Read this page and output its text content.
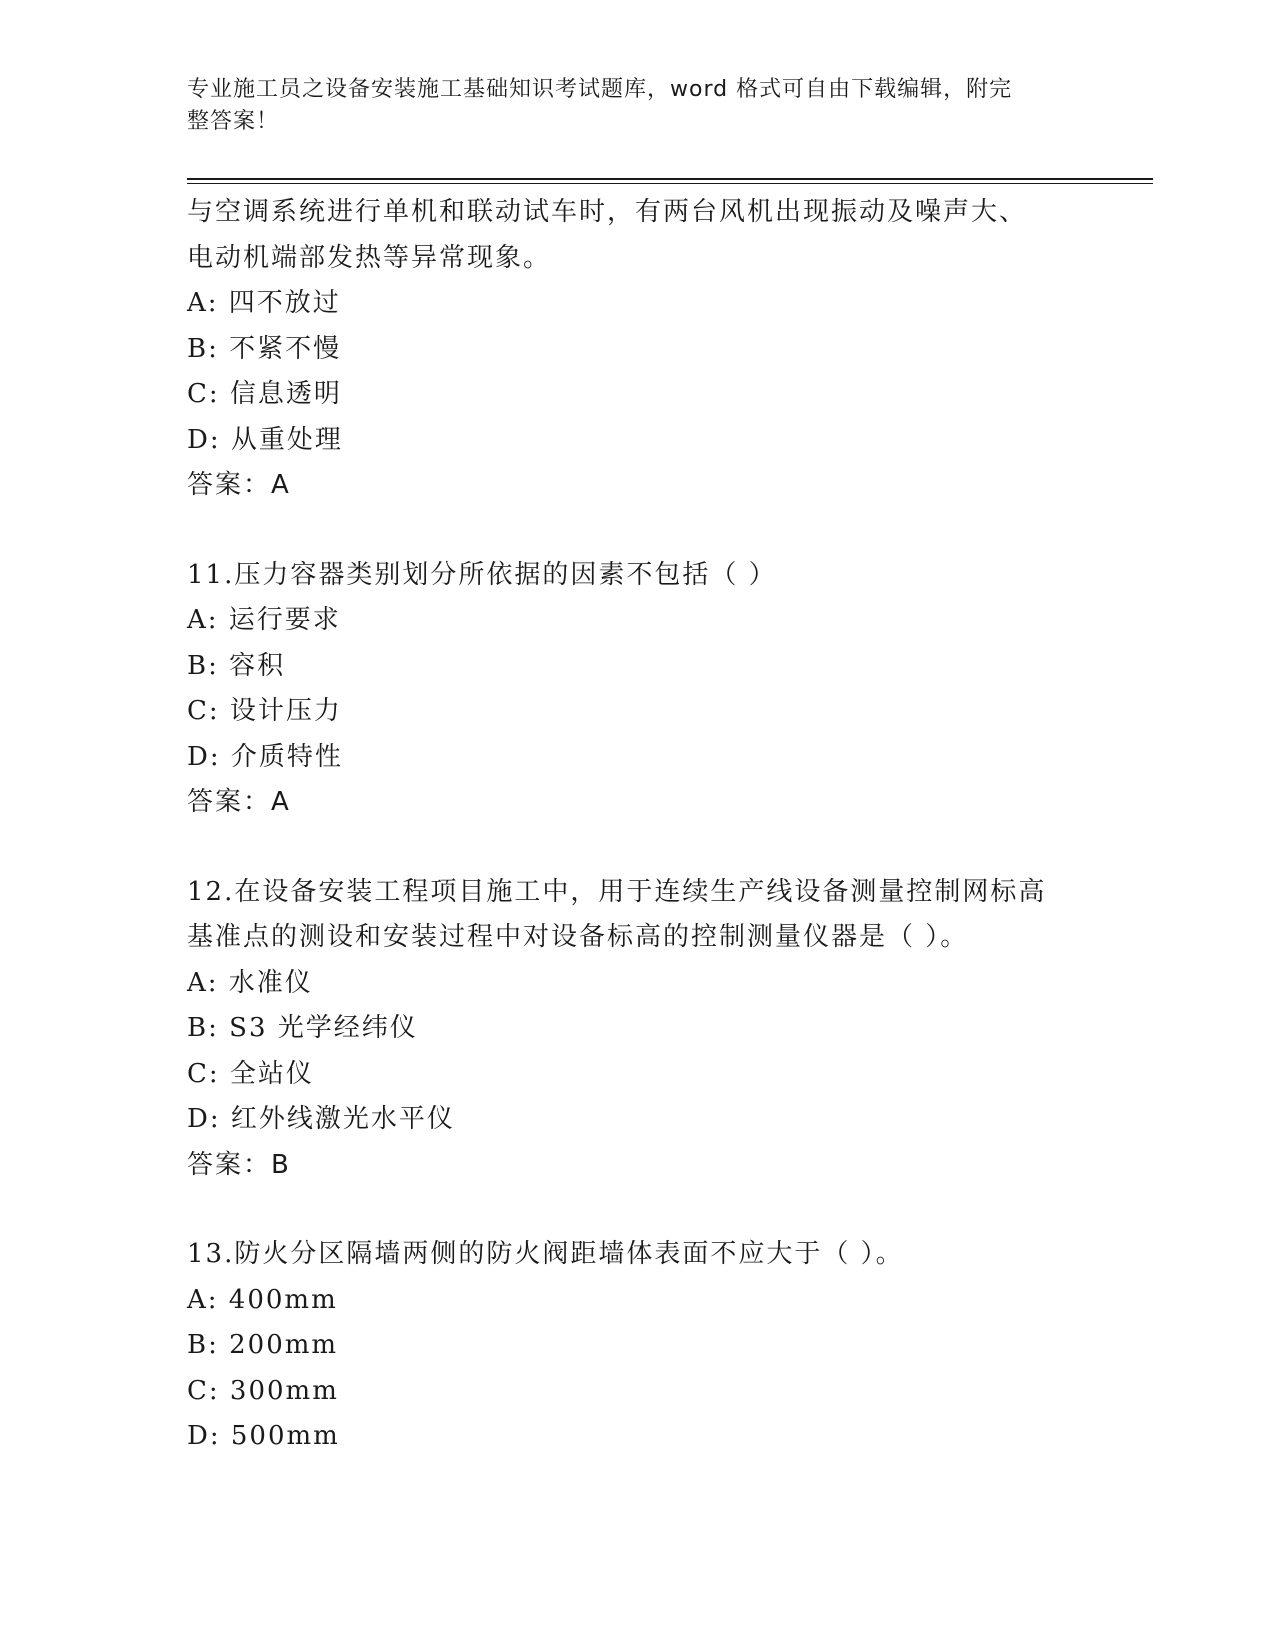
专业施工员之设备安装施工基础知识考试题库，word 格式可自由下载编辑，附完
整答案！
与空调系统进行单机和联动试车时，有两台风机出现振动及噪声大、
电动机端部发热等异常现象。
A: 四不放过
B: 不紧不慢
C: 信息透明
D: 从重处理
答案：A
11.压力容器类别划分所依据的因素不包括（ ）
A: 运行要求
B: 容积
C: 设计压力
D: 介质特性
答案：A
12.在设备安装工程项目施工中，用于连续生产线设备测量控制网标高
基准点的测设和安装过程中对设备标高的控制测量仪器是（ ）。
A: 水准仪
B: S3 光学经纬仪
C: 全站仪
D: 红外线激光水平仪
答案：B
13.防火分区隔墙两侧的防火阀距墙体表面不应大于（ ）。
A: 400mm
B: 200mm
C: 300mm
D: 500mm
